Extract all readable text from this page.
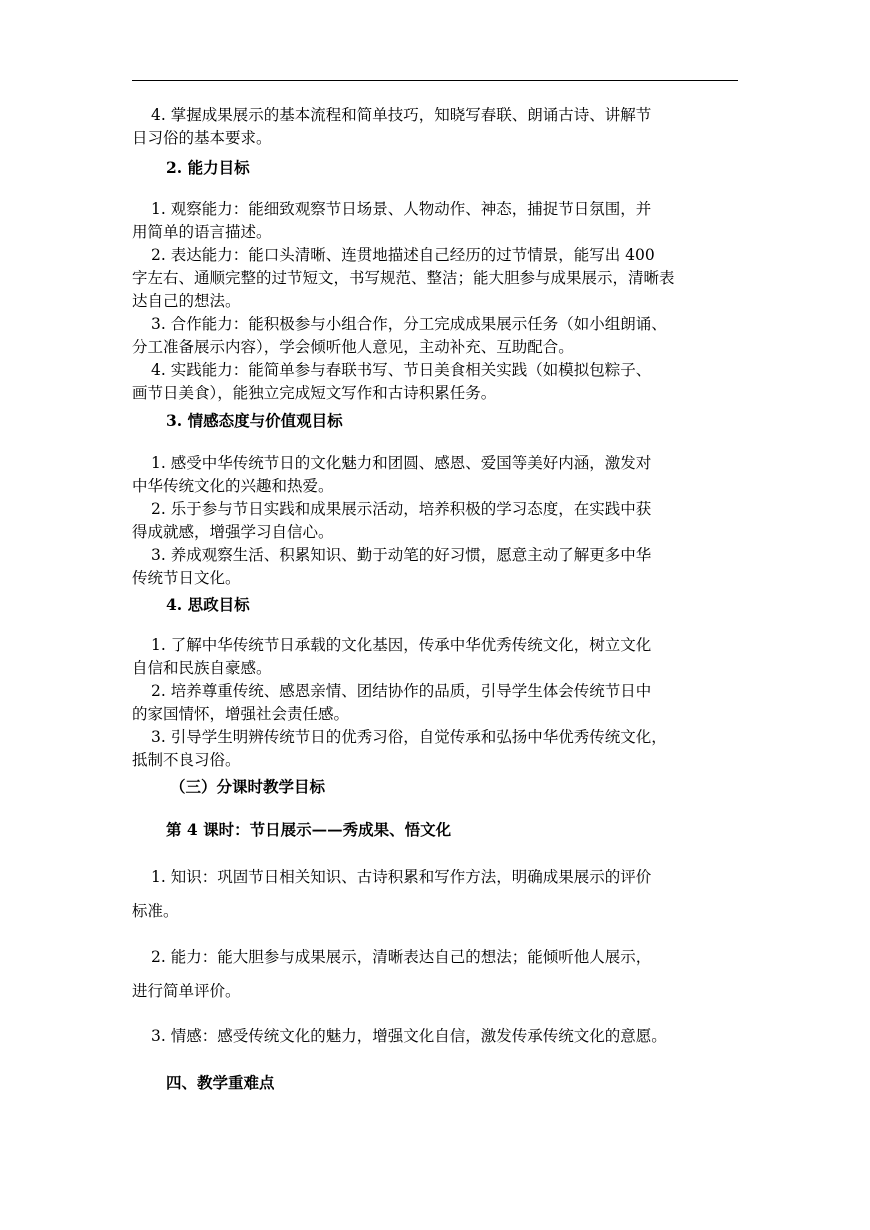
4. 掌握成果展示的基本流程和简单技巧，知晓写春联、朗诵古诗、讲解节
日习俗的基本要求。
2. 能力目标
1. 观察能力：能细致观察节日场景、人物动作、神态，捕捉节日氛围，并
用简单的语言描述。
2. 表达能力：能口头清晰、连贯地描述自己经历的过节情景，能写出 400
字左右、通顺完整的过节短文，书写规范、整洁；能大胆参与成果展示，清晰表
达自己的想法。
3. 合作能力：能积极参与小组合作，分工完成成果展示任务（如小组朗诵、
分工准备展示内容），学会倾听他人意见，主动补充、互助配合。
4. 实践能力：能简单参与春联书写、节日美食相关实践（如模拟包粽子、
画节日美食），能独立完成短文写作和古诗积累任务。
3. 情感态度与价值观目标
1. 感受中华传统节日的文化魅力和团圆、感恩、爱国等美好内涵，激发对
中华传统文化的兴趣和热爱。
2. 乐于参与节日实践和成果展示活动，培养积极的学习态度，在实践中获
得成就感，增强学习自信心。
3. 养成观察生活、积累知识、勤于动笔的好习惯，愿意主动了解更多中华
传统节日文化。
4. 思政目标
1. 了解中华传统节日承载的文化基因，传承中华优秀传统文化，树立文化
自信和民族自豪感。
2. 培养尊重传统、感恩亲情、团结协作的品质，引导学生体会传统节日中
的家国情怀，增强社会责任感。
3. 引导学生明辨传统节日的优秀习俗，自觉传承和弘扬中华优秀传统文化，
抵制不良习俗。
（三）分课时教学目标
第 4 课时：节日展示——秀成果、悟文化
1. 知识：巩固节日相关知识、古诗积累和写作方法，明确成果展示的评价
标准。
2. 能力：能大胆参与成果展示，清晰表达自己的想法；能倾听他人展示，
进行简单评价。
3. 情感：感受传统文化的魅力，增强文化自信，激发传承传统文化的意愿。
四、教学重难点
